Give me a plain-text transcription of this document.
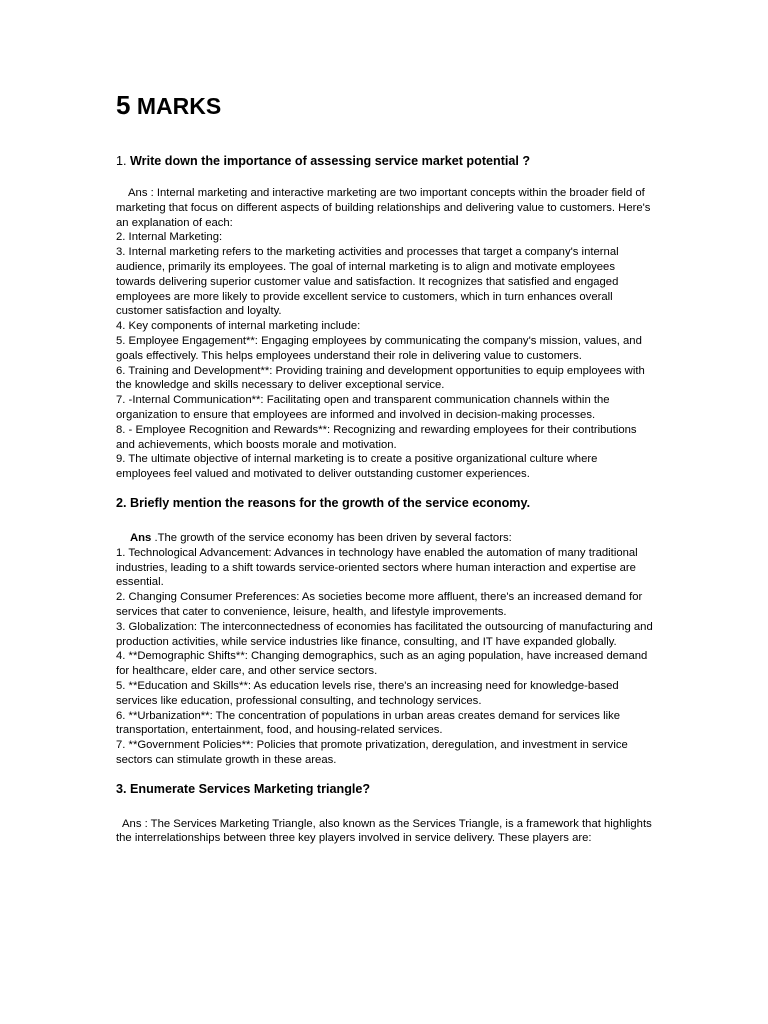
5 MARKS
1. Write down the importance of assessing service market potential ?

Ans : Internal marketing and interactive marketing are two important concepts within the broader field of marketing that focus on different aspects of building relationships and delivering value to customers. Here's an explanation of each:

2. Internal Marketing:

3. Internal marketing refers to the marketing activities and processes that target a company's internal audience, primarily its employees. The goal of internal marketing is to align and motivate employees towards delivering superior customer value and satisfaction. It recognizes that satisfied and engaged employees are more likely to provide excellent service to customers, which in turn enhances overall customer satisfaction and loyalty.

4. Key components of internal marketing include:

5. Employee Engagement**: Engaging employees by communicating the company's mission, values, and goals effectively. This helps employees understand their role in delivering value to customers.

6. Training and Development**: Providing training and development opportunities to equip employees with the knowledge and skills necessary to deliver exceptional service.

7. -Internal Communication**: Facilitating open and transparent communication channels within the organization to ensure that employees are informed and involved in decision-making processes.

8. - Employee Recognition and Rewards**: Recognizing and rewarding employees for their contributions and achievements, which boosts morale and motivation.

9. The ultimate objective of internal marketing is to create a positive organizational culture where employees feel valued and motivated to deliver outstanding customer experiences.

2. Briefly mention the reasons for the growth of the service economy.

Ans .The growth of the service economy has been driven by several factors:

1. Technological Advancement: Advances in technology have enabled the automation of many traditional industries, leading to a shift towards service-oriented sectors where human interaction and expertise are essential.

2. Changing Consumer Preferences: As societies become more affluent, there's an increased demand for services that cater to convenience, leisure, health, and lifestyle improvements.

3. Globalization: The interconnectedness of economies has facilitated the outsourcing of manufacturing and production activities, while service industries like finance, consulting, and IT have expanded globally.

4. **Demographic Shifts**: Changing demographics, such as an aging population, have increased demand for healthcare, elder care, and other service sectors.

5. **Education and Skills**: As education levels rise, there's an increasing need for knowledge-based services like education, professional consulting, and technology services.

6. **Urbanization**: The concentration of populations in urban areas creates demand for services like transportation, entertainment, food, and housing-related services.

7. **Government Policies**: Policies that promote privatization, deregulation, and investment in service sectors can stimulate growth in these areas.

3. Enumerate Services Marketing triangle?

Ans : The Services Marketing Triangle, also known as the Services Triangle, is a framework that highlights the interrelationships between three key players involved in service delivery. These players are:
